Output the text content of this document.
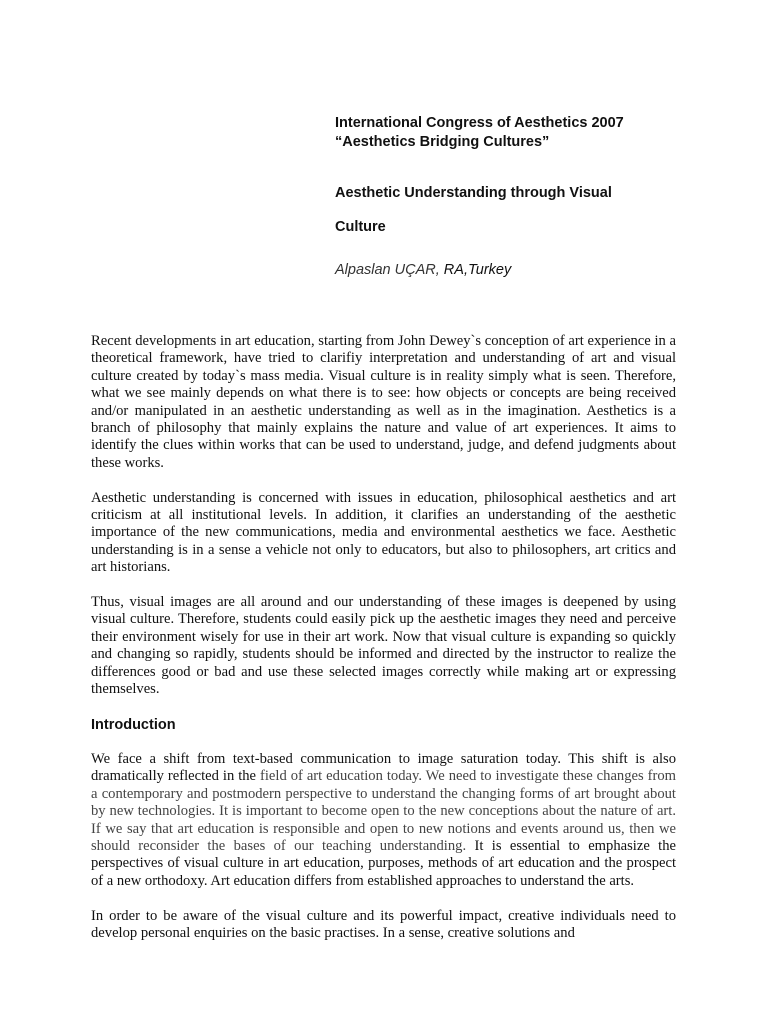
International Congress of Aesthetics 2007

“Aesthetics Bridging Cultures”

Aesthetic Understanding through Visual Culture

Alpaslan UÇAR, RA,Turkey

Recent developments in art education, starting from John Dewey`s conception of art experience in a theoretical framework, have tried to clarifiy interpretation and understanding of art and visual culture created by today`s mass media. Visual culture is in reality simply what is seen. Therefore, what we see mainly depends on what there is to see: how objects or concepts are being received and/or manipulated in an aesthetic understanding as well as in the imagination. Aesthetics is a branch of philosophy that mainly explains the nature and value of art experiences. It aims to identify the clues within works that can be used to understand, judge, and defend judgments about these works.

Aesthetic understanding is concerned with issues in education, philosophical aesthetics and art criticism at all institutional levels. In addition, it clarifies an understanding of the aesthetic importance of the new communications, media and environmental aesthetics we face. Aesthetic understanding is in a sense a vehicle not only to educators, but also to philosophers, art critics and art historians.

Thus, visual images are all around and our understanding of these images is deepened by using visual culture. Therefore, students could easily pick up the aesthetic images they need and perceive their environment wisely for use in their art work. Now that visual culture is expanding so quickly and changing so rapidly, students should be informed and directed by the instructor to realize the differences good or bad and use these selected images correctly while making art or expressing themselves.

Introduction

We face a shift from text-based communication to image saturation today. This shift is also dramatically reflected in the field of art education today. We need to investigate these changes from a contemporary and postmodern perspective to understand the changing forms of art brought about by new technologies. It is important to become open to the new conceptions about the nature of art. If we say that art education is responsible and open to new notions and events around us, then we should reconsider the bases of our teaching understanding. It is essential to emphasize the perspectives of visual culture in art education, purposes, methods of art education and the prospect of a new orthodoxy. Art education differs from established approaches to understand the arts.

In order to be aware of the visual culture and its powerful impact, creative individuals need to develop personal enquiries on the basic practises. In a sense, creative solutions and
